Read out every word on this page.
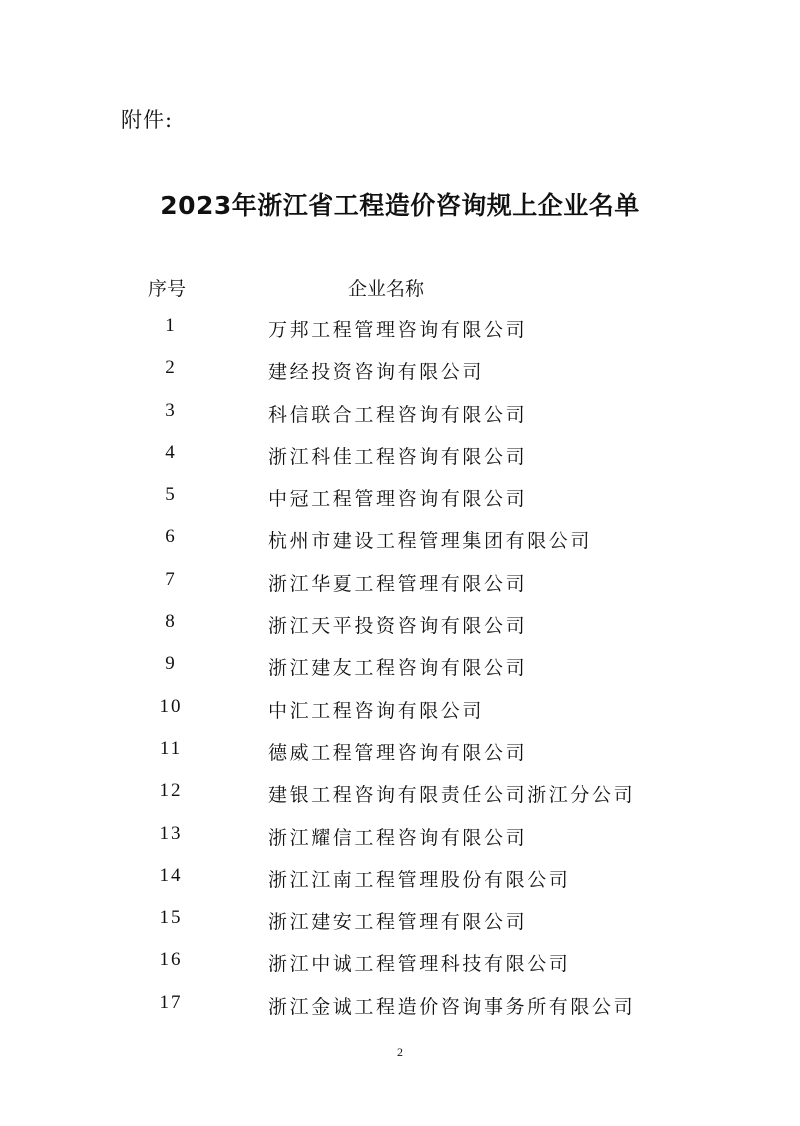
附件:
2023年浙江省工程造价咨询规上企业名单
序号	企业名称
1	万邦工程管理咨询有限公司
2	建经投资咨询有限公司
3	科信联合工程咨询有限公司
4	浙江科佳工程咨询有限公司
5	中冠工程管理咨询有限公司
6	杭州市建设工程管理集团有限公司
7	浙江华夏工程管理有限公司
8	浙江天平投资咨询有限公司
9	浙江建友工程咨询有限公司
10	中汇工程咨询有限公司
11	德威工程管理咨询有限公司
12	建银工程咨询有限责任公司浙江分公司
13	浙江耀信工程咨询有限公司
14	浙江江南工程管理股份有限公司
15	浙江建安工程管理有限公司
16	浙江中诚工程管理科技有限公司
17	浙江金诚工程造价咨询事务所有限公司
2
